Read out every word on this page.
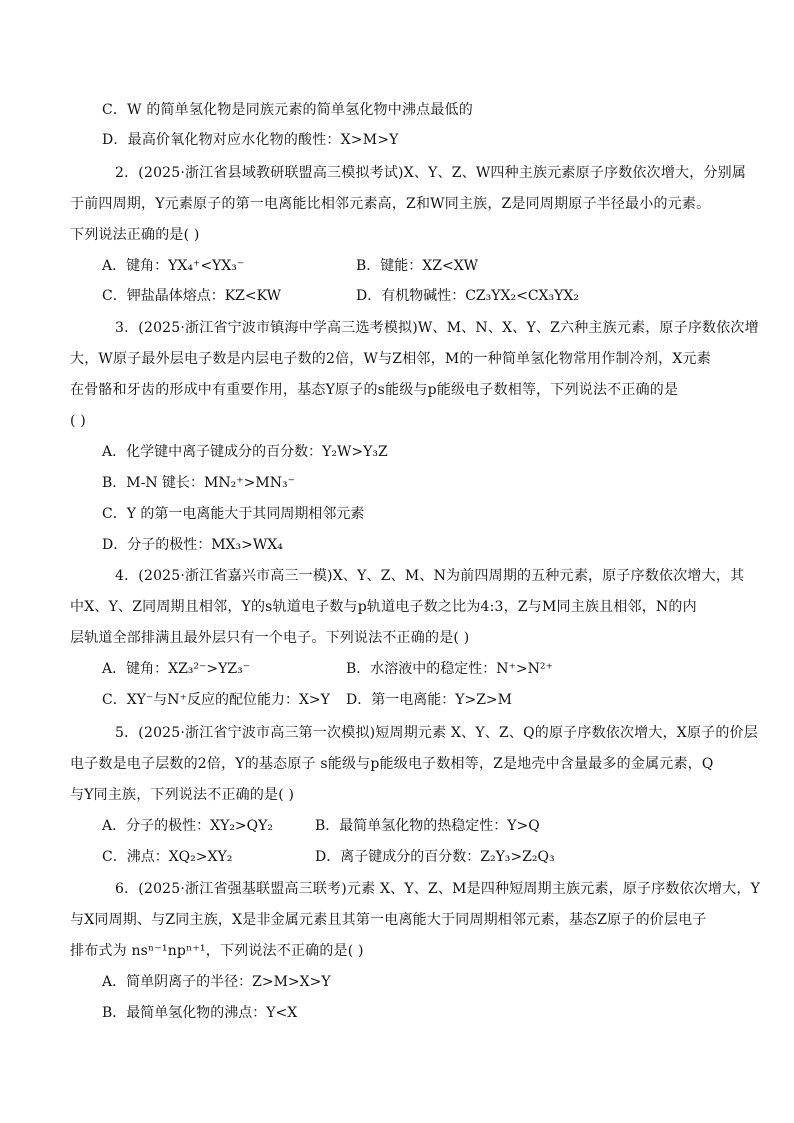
C．W 的简单氢化物是同族元素的简单氢化物中沸点最低的
D．最高价氧化物对应水化物的酸性：X>M>Y
2．(2025·浙江省县域教研联盟高三模拟考试)X、Y、Z、W四种主族元素原子序数依次增大，分别属
于前四周期，Y元素原子的第一电离能比相邻元素高，Z和W同主族，Z是同周期原子半径最小的元素。
下列说法正确的是( )
A．键角：YX₄⁺<YX₃⁻	B．键能：XZ<XW
C．钾盐晶体熔点：KZ<KW	D．有机物碱性：CZ₃YX₂<CX₃YX₂
3．(2025·浙江省宁波市镇海中学高三选考模拟)W、M、N、X、Y、Z六种主族元素，原子序数依次增
大，W原子最外层电子数是内层电子数的2倍，W与Z相邻，M的一种简单氢化物常用作制冷剂，X元素
在骨骼和牙齿的形成中有重要作用，基态Y原子的s能级与p能级电子数相等，下列说法不正确的是
( )
A．化学键中离子键成分的百分数：Y₂W>Y₃Z
B．M-N 键长：MN₂⁺>MN₃⁻
C．Y 的第一电离能大于其同周期相邻元素
D．分子的极性：MX₃>WX₄
4．(2025·浙江省嘉兴市高三一模)X、Y、Z、M、N为前四周期的五种元素，原子序数依次增大，其
中X、Y、Z同周期且相邻，Y的s轨道电子数与p轨道电子数之比为4:3，Z与M同主族且相邻，N的内
层轨道全部排满且最外层只有一个电子。下列说法不正确的是( )
A．键角：XZ₃²⁻>YZ₃⁻	B．水溶液中的稳定性：N⁺>N²⁺
C．XY⁻与N⁺反应的配位能力：X>Y D．第一电离能：Y>Z>M
5．(2025·浙江省宁波市高三第一次模拟)短周期元素 X、Y、Z、Q的原子序数依次增大，X原子的价层
电子数是电子层数的2倍，Y的基态原子 s能级与p能级电子数相等，Z是地壳中含量最多的金属元素，Q
与Y同主族，下列说法不正确的是( )
A．分子的极性：XY₂>QY₂	B．最简单氢化物的热稳定性：Y>Q
C．沸点：XQ₂>XY₂	D．离子键成分的百分数：Z₂Y₃>Z₂Q₃
6．(2025·浙江省强基联盟高三联考)元素 X、Y、Z、M是四种短周期主族元素，原子序数依次增大，Y
与X同周期、与Z同主族，X是非金属元素且其第一电离能大于同周期相邻元素，基态Z原子的价层电子
排布式为 nsⁿ⁻¹npⁿ⁺¹，下列说法不正确的是( )
A．简单阴离子的半径：Z>M>X>Y
B．最简单氢化物的沸点：Y<X
